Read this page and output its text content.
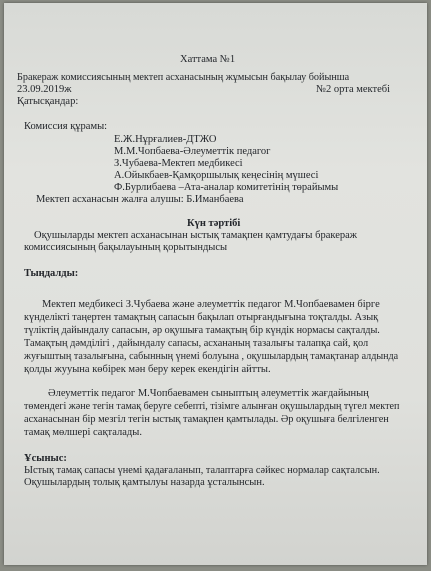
Хаттама №1
Бракераж комиссиясының мектеп асханасының жұмысын бақылау бойынша
23.09.2019ж	№2 орта мектебі
Қатысқандар:
Комиссия құрамы:
Е.Ж.Нұрғалиев-ДТЖО
М.М.Чопбаева-Әлеуметтік педагог
З.Чубаева-Мектеп медбикесі
А.Ойыкбаев-Қамқоршылық кеңесінің мүшесі
Ф.Бурлибаева –Ата-аналар комитетінің төрайымы
Мектеп асханасын жалға алушы: Б.Иманбаева
Күн тәртібі
Оқушыларды мектеп асханасынан ыстық тамақпен қамтудағы бракераж
комиссиясының бақылауының қорытындысы
Тыңдалды:
Мектеп медбикесі З.Чубаева және әлеуметтік педагог М.Чопбаевамен бірге
күнделікті таңертен тамақтың сапасын бақылап отырғандығына тоқталды. Азық
түліктің дайындалу сапасын, әр оқушыға тамақтың бір күндік нормасы сақталды.
Тамақтың дәмділігі , дайындалу сапасы, асхананың тазалығы талапқа сай, қол
жуғыштың тазалығына, сабынның үнемі болуына , оқушылардың тамақтанар алдында
қолды жууына көбірек мән беру керек екендігін айтты.
Әлеуметтік педагог М.Чопбаевамен сыныптың әлеуметтік жағдайының
төмендегі және тегін тамақ беруге себепті, тізімге алынған оқушылардың түгел мектеп
асханасынан бір мезгіл тегін ыстық тамақпен қамтылады. Әр оқушыға белгіленген
тамақ мөлшері сақталады.
Ұсыныс:
Ыстық тамақ сапасы үнемі қадағаланып, талаптарға сәйкес нормалар сақталсын.
Оқушылардың толық қамтылуы назарда ұсталынсын.
